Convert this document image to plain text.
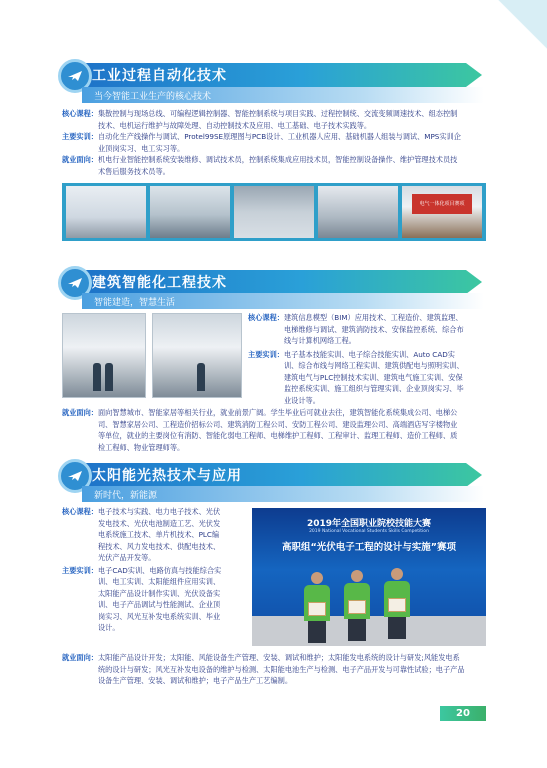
工业过程自动化技术
当今智能工业生产的核心技术
核心课程： 集散控制与现场总线、可编程逻辑控制器、智能控制系统与项目实践、过程控制统、交流变频调速技术、组态控制
技术、电机运行维护与故障处理、自动控制技术及应用、电工基础、电子技术实践等。
主要实训： 自动化生产线操作与调试、Protel99SE原理图与PCB设计、工业机器人应用、基础机器人组装与调试、MPS实训企
业顶岗实习、电工实习等。
就业面向： 机电行业智能控制系统安装维修、调试技术员，控制系统集成应用技术员，智能控制设备操作、维护管理技术员技
术售后服务技术员等。
电气一体化项目赛项
建筑智能化工程技术
智能建造，智慧生活
核心课程： 建筑信息模型（BIM）应用技术、工程造价、建筑监理、
电梯维修与调试、建筑消防技术、安保监控系统、综合布
线与计算机网络工程。
主要实训： 电子基本技能实训、电子综合技能实训、Auto CAD实
训、综合布线与网络工程实训、建筑供配电与照明实训、
建筑电气与PLC控制技术实训、建筑电气施工实训、安保
监控系统实训、施工组织与管理实训、企业顶岗实习、毕
业设计等。
就业面向： 面向智慧城市、智能家居等相关行业，就业前景广阔。学生毕业后可就业去往，建筑智能化系统集成公司、电梯公
司、智慧家居公司、工程造价招标公司、建筑消防工程公司、安防工程公司、建设监理公司、高端酒店写字楼物业
等单位，就业的主要岗位有消防、智能化弱电工程师、电梯维护工程师、工程审计、监理工程师、造价工程师、质
检工程师、物业管理师等。
太阳能光热技术与应用
新时代，新能源
核心课程： 电子技术与实践、电力电子技术、光伏
发电技术、光伏电池制造工艺、光伏发
电系统施工技术、单片机技术、PLC编
程技术、风力发电技术、供配电技术、
光伏产品开发等。
主要实训： 电子CAD实训、电路仿真与技能综合实
训、电工实训、太阳能组件应用实训、
太阳能产品设计制作实训、光伏设备实
训、电子产品调试与性能测试、企业顶
岗实习、风光互补发电系统实训、毕业
设计。
2019年全国职业院校技能大赛
2019 National Vocational Students Skills Competition
高职组“光伏电子工程的设计与实施”赛项
就业面向： 太阳能产品设计开发；太阳能、风能设备生产管理、安装、调试和维护；太阳能发电系统的设计与研发;风能发电系
统的设计与研发；风光互补发电设备的维护与检测、太阳能电池生产与检测、电子产品开发与可靠性试验；电子产品
设备生产管理、安装、调试和维护；电子产品生产工艺编制。
20
